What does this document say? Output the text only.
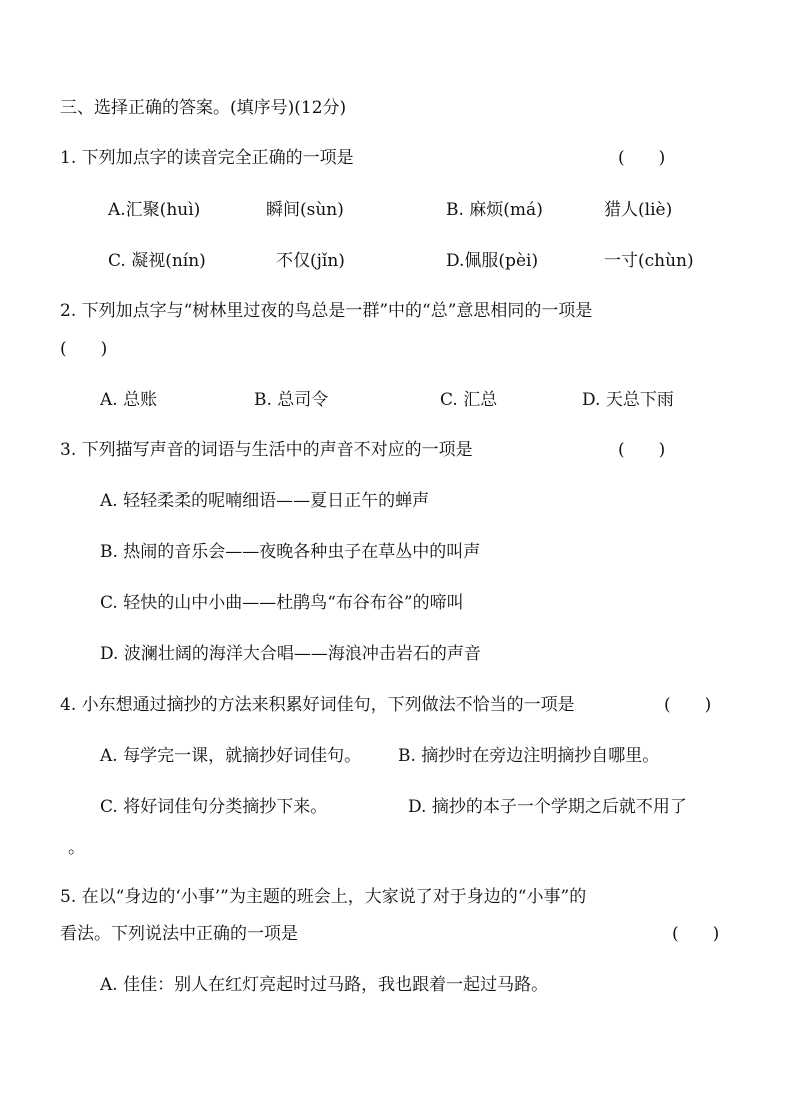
三、选择正确的答案。(填序号)(12分)
1. 下列加点字的读音完全正确的一项是	(　　)
A.汇聚(huì)	瞬间(sùn)	B. 麻烦(má)	猎人(liè)
C. 凝视(nín)	不仅(jǐn)	D.佩服(pèi)	一寸(chùn)
2. 下列加点字与“树林里过夜的鸟总是一群”中的“总”意思相同的一项是
(　　)
A. 总账	B. 总司令	C. 汇总	D. 天总下雨
3. 下列描写声音的词语与生活中的声音不对应的一项是	(　　)
A. 轻轻柔柔的呢喃细语——夏日正午的蝉声
B. 热闹的音乐会——夜晚各种虫子在草丛中的叫声
C. 轻快的山中小曲——杜鹃鸟“布谷布谷”的啼叫
D. 波澜壮阔的海洋大合唱——海浪冲击岩石的声音
4. 小东想通过摘抄的方法来积累好词佳句，下列做法不恰当的一项是	(　　)
A. 每学完一课，就摘抄好词佳句。 B. 摘抄时在旁边注明摘抄自哪里。
C. 将好词佳句分类摘抄下来。	D. 摘抄的本子一个学期之后就不用了
。
5. 在以“身边的‘小事’”为主题的班会上，大家说了对于身边的“小事”的
看法。下列说法中正确的一项是	(　　)
A. 佳佳：别人在红灯亮起时过马路，我也跟着一起过马路。
